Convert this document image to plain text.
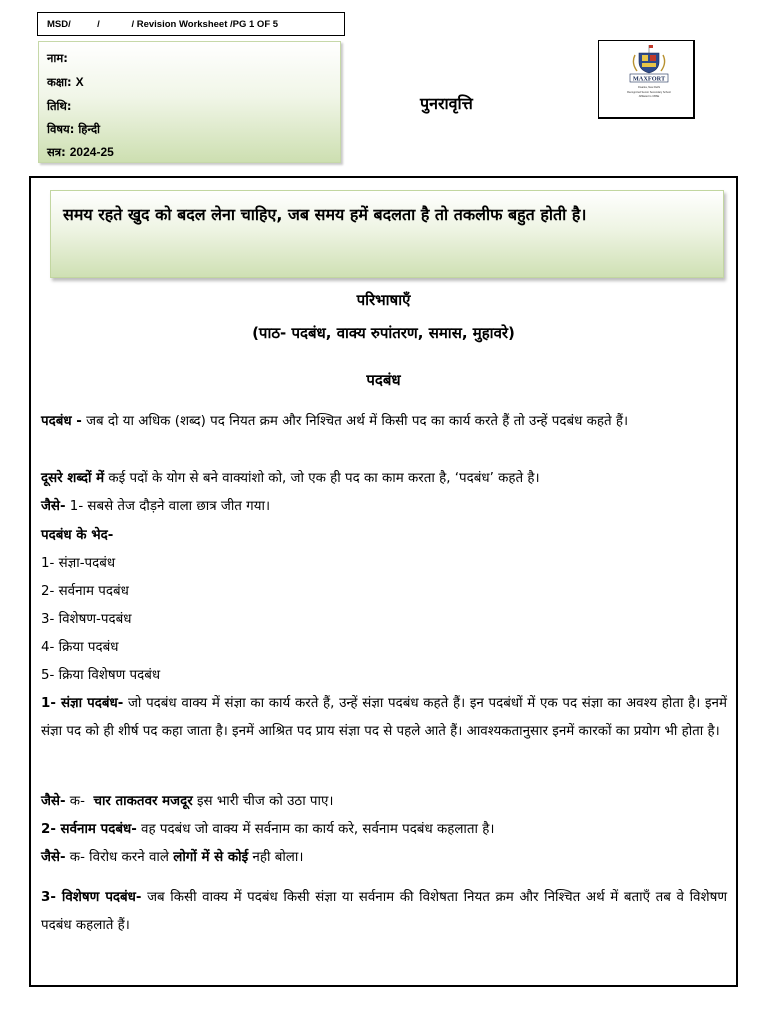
MSD/          /            / Revision Worksheet /PG 1 OF 5
नाम:
कक्षा: X
तिथि:
विषय: हिन्दी
सत्र: 2024-25
पुनरावृत्ति
MAXFORT
Dwarka, New Delhi
Recognized Senior Secondary School
Affiliated to CBSE
समय रहते खुद को बदल लेना चाहिए, जब समय हमें बदलता है तो तकलीफ बहुत होती है।
परिभाषाएँ
(पाठ- पदबंध, वाक्य रुपांतरण, समास, मुहावरे)
पदबंध
पदबंध - जब दो या अधिक (शब्द) पद नियत क्रम और निश्चित अर्थ में किसी पद का कार्य करते हैं तो उन्हें पदबंध कहते हैं।
दूसरे शब्दों में कई पदों के योग से बने वाक्यांशो को, जो एक ही पद का काम करता है, ‘पदबंध’ कहते है।
जैसे- 1- सबसे तेज दौड़ने वाला छात्र जीत गया।
पदबंध के भेद-
1- संज्ञा-पदबंध
2- सर्वनाम पदबंध
3- विशेषण-पदबंध
4- क्रिया पदबंध
5- क्रिया विशेषण पदबंध
1- संज्ञा पदबंध- जो पदबंध वाक्य में संज्ञा का कार्य करते हैं, उन्हें संज्ञा पदबंध कहते हैं। इन पदबंधों में एक पद संज्ञा का अवश्य होता है। इनमें संज्ञा पद को ही शीर्ष पद कहा जाता है। इनमें आश्रित पद प्राय संज्ञा पद से पहले आते हैं। आवश्यकतानुसार इनमें कारकों का प्रयोग भी होता है।
जैसे- क-  चार ताकतवर मजदूर इस भारी चीज को उठा पाए।
2- सर्वनाम पदबंध- वह पदबंध जो वाक्य में सर्वनाम का कार्य करे, सर्वनाम पदबंध कहलाता है।
जैसे- क- विरोध करने वाले लोगों में से कोई नही बोला।
3- विशेषण पदबंध- जब किसी वाक्य में पदबंध किसी संज्ञा या सर्वनाम की विशेषता नियत क्रम और निश्चित अर्थ में बताएँ तब वे विशेषण पदबंध कहलाते हैं।
